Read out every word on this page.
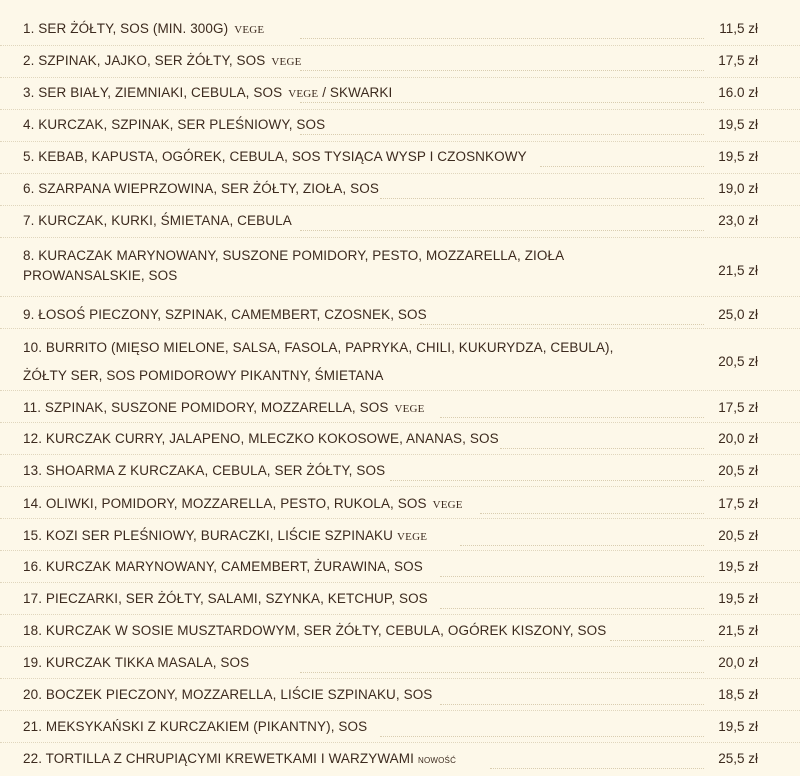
1. SER ŻÓŁTY, SOS (MIN. 300G) VEGE	11,5 zł
2. SZPINAK, JAJKO, SER ŻÓŁTY, SOS VEGE	17,5 zł
3. SER BIAŁY, ZIEMNIAKI, CEBULA, SOS VEGE / SKWARKI	16.0 zł
4. KURCZAK, SZPINAK, SER PLEŚNIOWY, SOS	19,5 zł
5. KEBAB, KAPUSTA, OGÓREK, CEBULA, SOS TYSIĄCA WYSP I CZOSNKOWY	19,5 zł
6. SZARPANA WIEPRZOWINA, SER ŻÓŁTY, ZIOŁA, SOS	19,0 zł
7. KURCZAK, KURKI, ŚMIETANA, CEBULA	23,0 zł
8. KURACZAK MARYNOWANY, SUSZONE POMIDORY, PESTO, MOZZARELLA, ZIOŁA
PROWANSALSKIE, SOS	21,5 zł
9. ŁOSOŚ PIECZONY, SZPINAK, CAMEMBERT, CZOSNEK, SOS	25,0 zł
10. BURRITO (MIĘSO MIELONE, SALSA, FASOLA, PAPRYKA, CHILI, KUKURYDZA, CEBULA),
ŻÓŁTY SER, SOS POMIDOROWY PIKANTNY, ŚMIETANA
20,5 zł
11. SZPINAK, SUSZONE POMIDORY, MOZZARELLA, SOS VEGE	17,5 zł
12. KURCZAK CURRY, JALAPENO, MLECZKO KOKOSOWE, ANANAS, SOS	20,0 zł
13. SHOARMA Z KURCZAKA, CEBULA, SER ŻÓŁTY, SOS	20,5 zł
14. OLIWKI, POMIDORY, MOZZARELLA, PESTO, RUKOLA, SOS VEGE	17,5 zł
15. KOZI SER PLEŚNIOWY, BURACZKI, LIŚCIE SZPINAKU VEGE	20,5 zł
16. KURCZAK MARYNOWANY, CAMEMBERT, ŻURAWINA, SOS	19,5 zł
17. PIECZARKI, SER ŻÓŁTY, SALAMI, SZYNKA, KETCHUP, SOS	19,5 zł
18. KURCZAK W SOSIE MUSZTARDOWYM, SER ŻÓŁTY, CEBULA, OGÓREK KISZONY, SOS	21,5 zł
19. KURCZAK TIKKA MASALA, SOS	20,0 zł
20. BOCZEK PIECZONY, MOZZARELLA, LIŚCIE SZPINAKU, SOS	18,5 zł
21. MEKSYKAŃSKI Z KURCZAKIEM (PIKANTNY), SOS	19,5 zł
22. TORTILLA Z CHRUPIĄCYMI KREWETKAMI I WARZYWAMI NOWOŚĆ	25,5 zł
